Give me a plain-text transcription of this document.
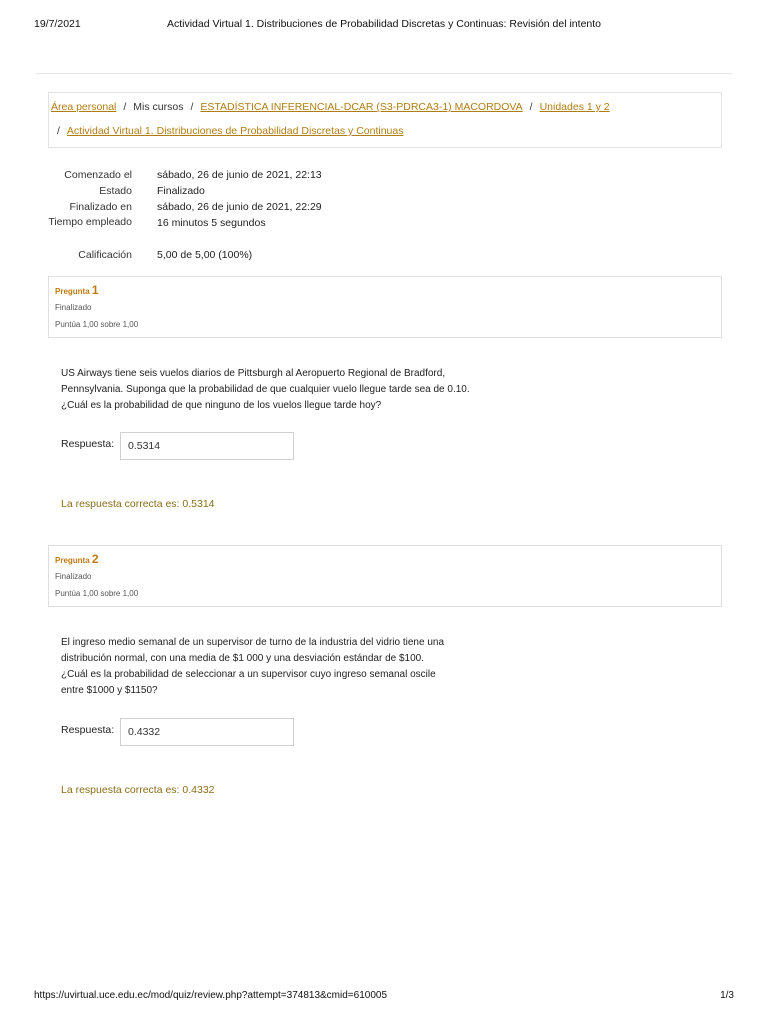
19/7/2021	Actividad Virtual 1. Distribuciones de Probabilidad Discretas y Continuas: Revisión del intento
Área personal / Mis cursos / ESTADÍSTICA INFERENCIAL-DCAR (S3-PDRCA3-1) MACORDOVA / Unidades 1 y 2
/ Actividad Virtual 1. Distribuciones de Probabilidad Discretas y Continuas
Comenzado el sábado, 26 de junio de 2021, 22:13
Estado Finalizado
Finalizado en sábado, 26 de junio de 2021, 22:29
Tiempo empleado 16 minutos 5 segundos
Calificación 5,00 de 5,00 (100%)
Pregunta 1
Finalizado
Puntúa 1,00 sobre 1,00
US Airways tiene seis vuelos diarios de Pittsburgh al Aeropuerto Regional de Bradford,
Pennsylvania. Suponga que la probabilidad de que cualquier vuelo llegue tarde sea de 0.10.
¿Cuál es la probabilidad de que ninguno de los vuelos llegue tarde hoy?
Respuesta:	0.5314
La respuesta correcta es: 0.5314
Pregunta 2
Finalizado
Puntúa 1,00 sobre 1,00
El ingreso medio semanal de un supervisor de turno de la industria del vidrio tiene una
distribución normal, con una media de $1 000 y una desviación estándar de $100.
¿Cuál es la probabilidad de seleccionar a un supervisor cuyo ingreso semanal oscile
entre $1000 y $1150?
Respuesta:	0.4332
La respuesta correcta es: 0.4332
https://uvirtual.uce.edu.ec/mod/quiz/review.php?attempt=374813&cmid=610005	1/3
